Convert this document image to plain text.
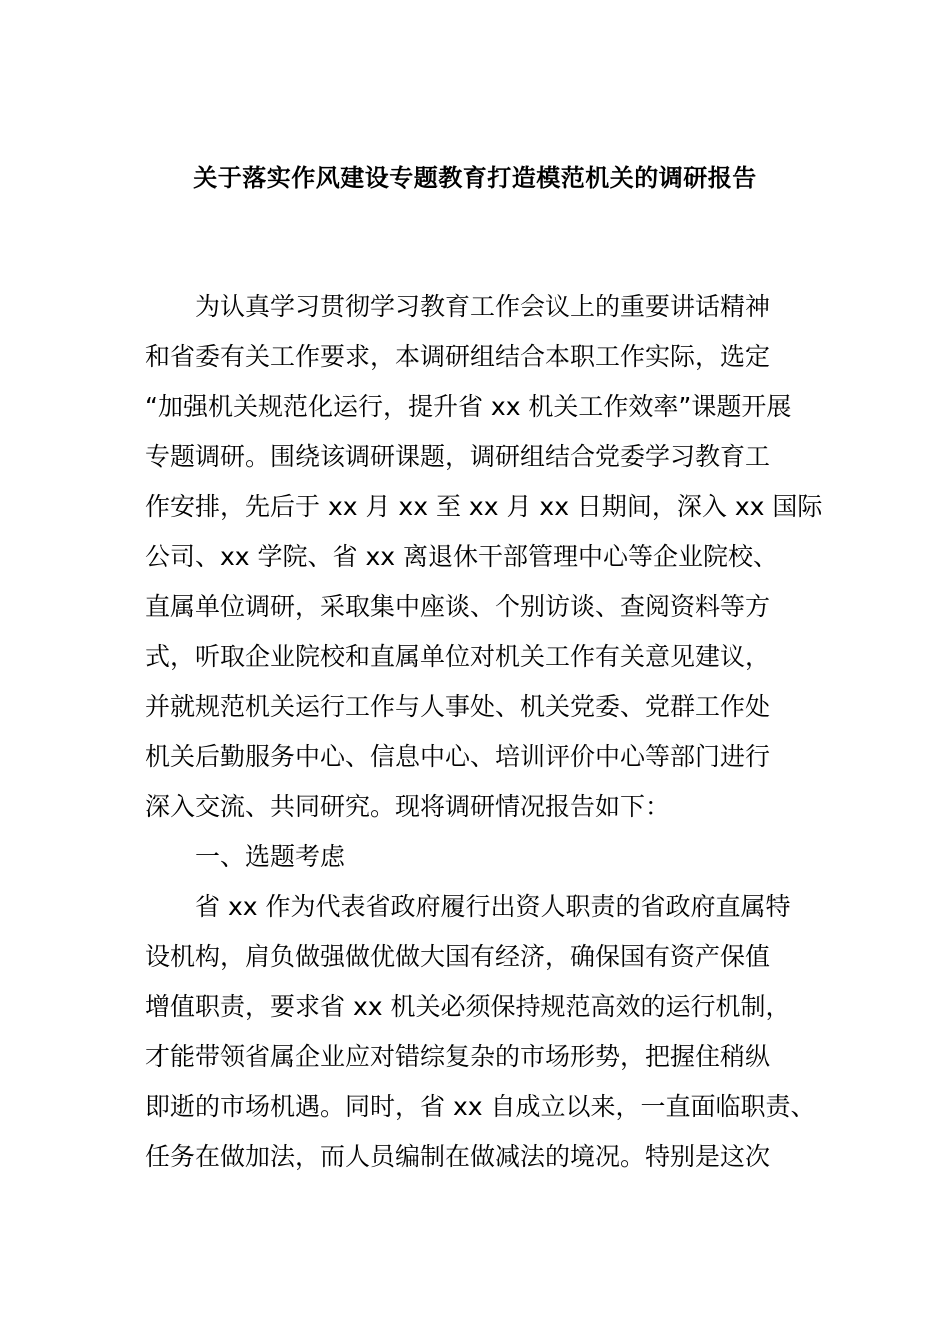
关于落实作风建设专题教育打造模范机关的调研报告
为认真学习贯彻学习教育工作会议上的重要讲话精神
和省委有关工作要求，本调研组结合本职工作实际，选定
“加强机关规范化运行，提升省 xx 机关工作效率”课题开展
专题调研。围绕该调研课题，调研组结合党委学习教育工
作安排，先后于 xx 月 xx 至 xx 月 xx 日期间，深入 xx 国际
公司、xx 学院、省 xx 离退休干部管理中心等企业院校、
直属单位调研，采取集中座谈、个别访谈、查阅资料等方
式，听取企业院校和直属单位对机关工作有关意见建议，
并就规范机关运行工作与人事处、机关党委、党群工作处
机关后勤服务中心、信息中心、培训评价中心等部门进行
深入交流、共同研究。现将调研情况报告如下：
一、选题考虑
省 xx 作为代表省政府履行出资人职责的省政府直属特
设机构，肩负做强做优做大国有经济，确保国有资产保值
增值职责，要求省 xx 机关必须保持规范高效的运行机制，
才能带领省属企业应对错综复杂的市场形势，把握住稍纵
即逝的市场机遇。同时，省 xx 自成立以来，一直面临职责、
任务在做加法，而人员编制在做减法的境况。特别是这次
